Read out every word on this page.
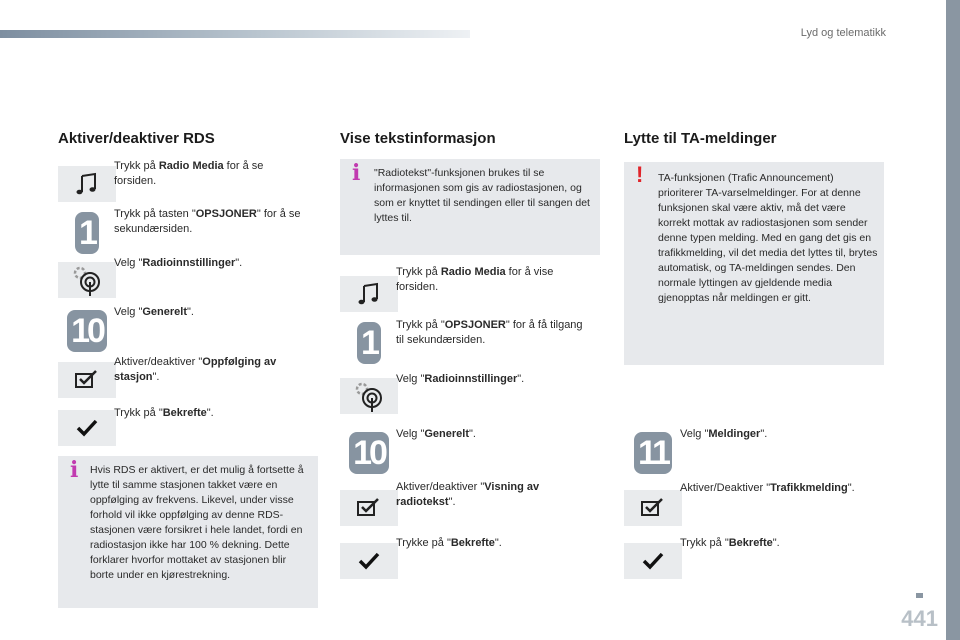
Lyd og telematikk
Aktiver/deaktiver RDS
Trykk på Radio Media for å se forsiden.
1	Trykk på tasten "OPSJONER" for å se sekundærsiden.
Velg "Radioinnstillinger".
10	Velg "Generelt".
Aktiver/deaktiver "Oppfølging av stasjon".
Trykk på "Bekrefte".
i Hvis RDS er aktivert, er det mulig å fortsette å lytte til samme stasjonen takket være en oppfølging av frekvens. Likevel, under visse forhold vil ikke oppfølging av denne RDS-stasjonen være forsikret i hele landet, fordi en radiostasjon ikke har 100 % dekning. Dette forklarer hvorfor mottaket av stasjonen blir borte under en kjørestrekning.
Vise tekstinformasjon
i "Radiotekst"-funksjonen brukes til se informasjonen som gis av radiostasjonen, og som er knyttet til sendingen eller til sangen det lyttes til.
Trykk på Radio Media for å vise forsiden.
1	Trykk på "OPSJONER" for å få tilgang til sekundærsiden.
Velg "Radioinnstillinger".
10	Velg "Generelt".
Aktiver/deaktiver "Visning av radiotekst".
Trykke på "Bekrefte".
Lytte til TA-meldinger
! TA-funksjonen (Trafic Announcement) prioriterer TA-varselmeldinger. For at denne funksjonen skal være aktiv, må det være korrekt mottak av radiostasjonen som sender denne typen melding. Med en gang det gis en trafikkmelding, vil det media det lyttes til, brytes automatisk, og TA-meldingen sendes. Den normale lyttingen av gjeldende media gjenopptas når meldingen er gitt.
11	Velg "Meldinger".
Aktiver/Deaktiver "Trafikkmelding".
Trykk på "Bekrefte".
441
